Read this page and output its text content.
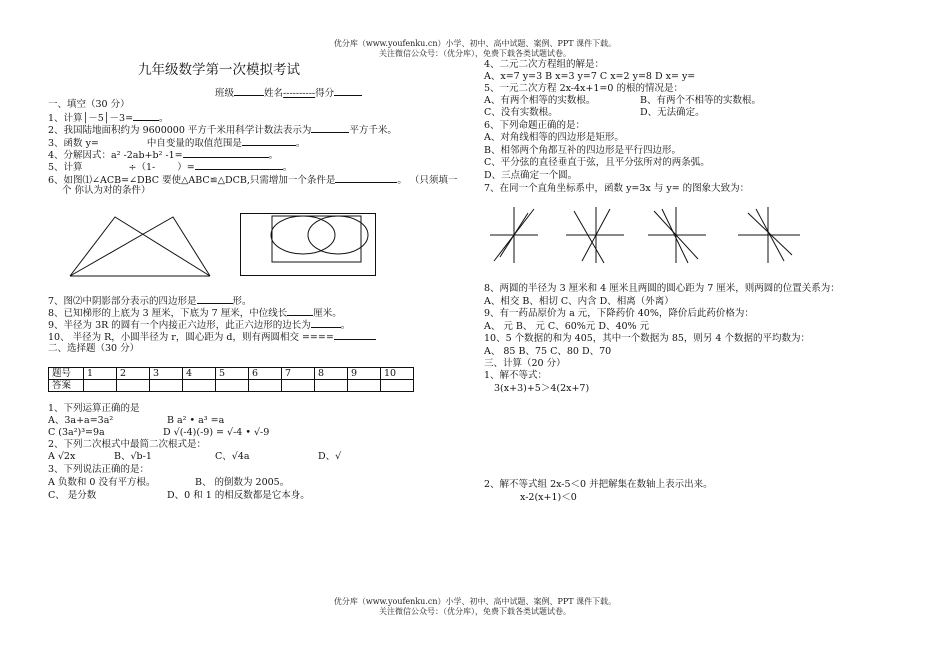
优分库（www.youfenku.cn）小学、初中、高中试题、案例、PPT 课件下载。
关注微信公众号：（优分库），免费下载各类试题试卷。
优分库（www.youfenku.cn）小学、初中、高中试题、案例、PPT 课件下载。
关注微信公众号：（优分库），免费下载各类试题试卷。
九年级数学第一次模拟考试
班级	姓名----------得分
一、填空（30 分）
1、计算│－5│－3=	。
2、我国陆地面积约为 9600000 平方千米用科学计数法表示为	平方千米。
3、函数 y=	中自变量的取值范围是	。
4、分解因式：a² -2ab+b² -1=	。
5、计算	÷（1- ）=	。
6、如图⑴∠ACB=∠DBC 要使△ABC≌△DCB,只需增加一个条件是	。 （只须填一
个 你认为对的条件）
7、图⑵中阴影部分表示的四边形是	形。
8、已知梯形的上底为 3 厘米，下底为 7 厘米，中位线长	厘米。
9、半径为 3R 的圆有一个内接正六边形，此正六边形的边长为	。
10、 半径为 R，小圆半径为 r，圆心距为 d，则有两圆相交 ====
二、选择题（30 分）
题号	1	2	3	4	5	6	7	8	9	10
答案										
1、下列运算正确的是
A、3a+a=3a²	B a² • a³ =a
C (3a²)³=9a	D √(-4)(-9) = √-4 • √-9
2、下列二次根式中最简二次根式是：
A √2x	B、√b-1	C、√4a	D、√
3、下列说法正确的是：
A 负数和 0 没有平方根。	B、 的倒数为 2005。
C、 是分数	D、0 和 1 的相反数都是它本身。
4、二元二次方程组的解是：
A、x=7 y=3 B x=3 y=7 C x=2 y=8 D x= y=
5、一元二次方程 2x-4x+1=0 的根的情况是：
A、有两个相等的实数根。	B、有两个不相等的实数根。
C、没有实数根。	D、无法确定。
6、下列命题正确的是：
A、对角线相等的四边形是矩形。
B、相邻两个角都互补的四边形是平行四边形。
C、平分弦的直径垂直于弦，且平分弦所对的两条弧。
D、三点确定一个圆。
7、在同一个直角坐标系中，函数 y=3x 与 y= 的图象大致为：
8、两圆的半径为 3 厘米和 4 厘米且两圆的圆心距为 7 厘米，则两圆的位置关系为：
A、相交 B、相切 C、内含 D、相离（外离）
9、有一药品原价为 a 元，下降药价 40%，降价后此药价格为：
A、 元 B、 元 C、60%元 D、40% 元
10、5 个数据的和为 405，其中一个数据为 85，则另 4 个数据的平均数为：
A、 85 B、75 C、80 D、70
三、计算（20 分）
1、解不等式：
3(x+3)+5＞4(2x+7)
2、解不等式组 2x-5＜0 并把解集在数轴上表示出来。
x-2(x+1)＜0
